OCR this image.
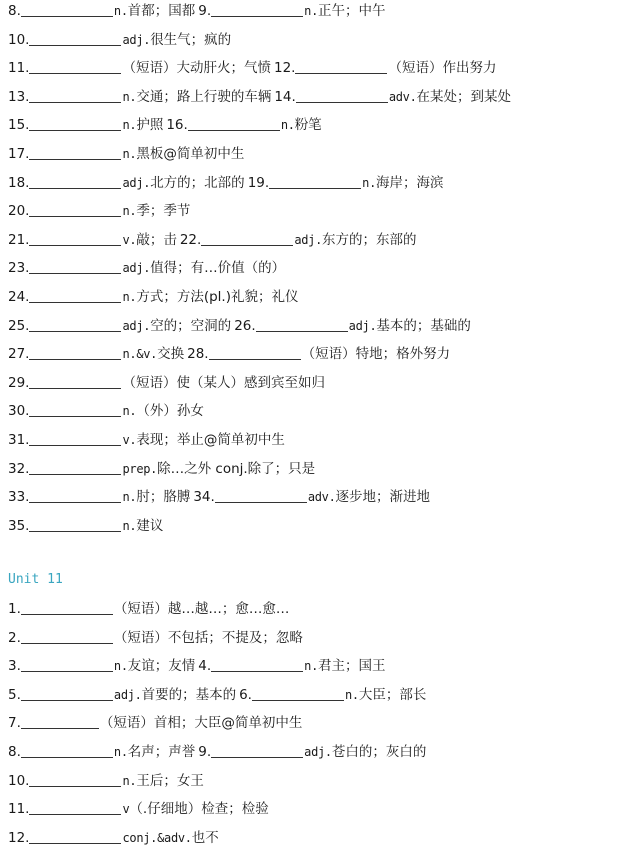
8.	n.首都；国都 9.	n.正午；中午
10.	adj.很生气；疯的
11.	（短语）大动肝火；气愤 12.	（短语）作出努力
13.	n.交通；路上行驶的车辆 14.	adv.在某处；到某处
15.	n.护照 16.	n.粉笔
17.	n.黑板@简单初中生
18.	adj.北方的；北部的 19.	n.海岸；海滨
20.	n.季；季节
21.	v.敲；击 22.	adj.东方的；东部的
23.	adj.值得；有…价值（的）
24.	n.方式；方法(pl.)礼貌；礼仪
25.	adj.空的；空洞的 26.	adj.基本的；基础的
27.	n.&v.交换 28.	（短语）特地；格外努力
29.	（短语）使（某人）感到宾至如归
30.	n.（外）孙女
31.	v.表现；举止@简单初中生
32.	prep.除…之外 conj.除了；只是
33.	n.肘；胳膊 34.	adv.逐步地；渐进地
35.	n.建议
Unit 11
1.	（短语）越…越…；愈…愈…
2.	（短语）不包括；不提及；忽略
3.	n.友谊；友情 4.	n.君主；国王
5.	adj.首要的；基本的 6.	n.大臣；部长
7.	（短语）首相；大臣@简单初中生
8.	n.名声；声誉 9.	adj.苍白的；灰白的
10.	n.王后；女王
11.	v（.仔细地）检查；检验
12.	conj.&adv.也不
